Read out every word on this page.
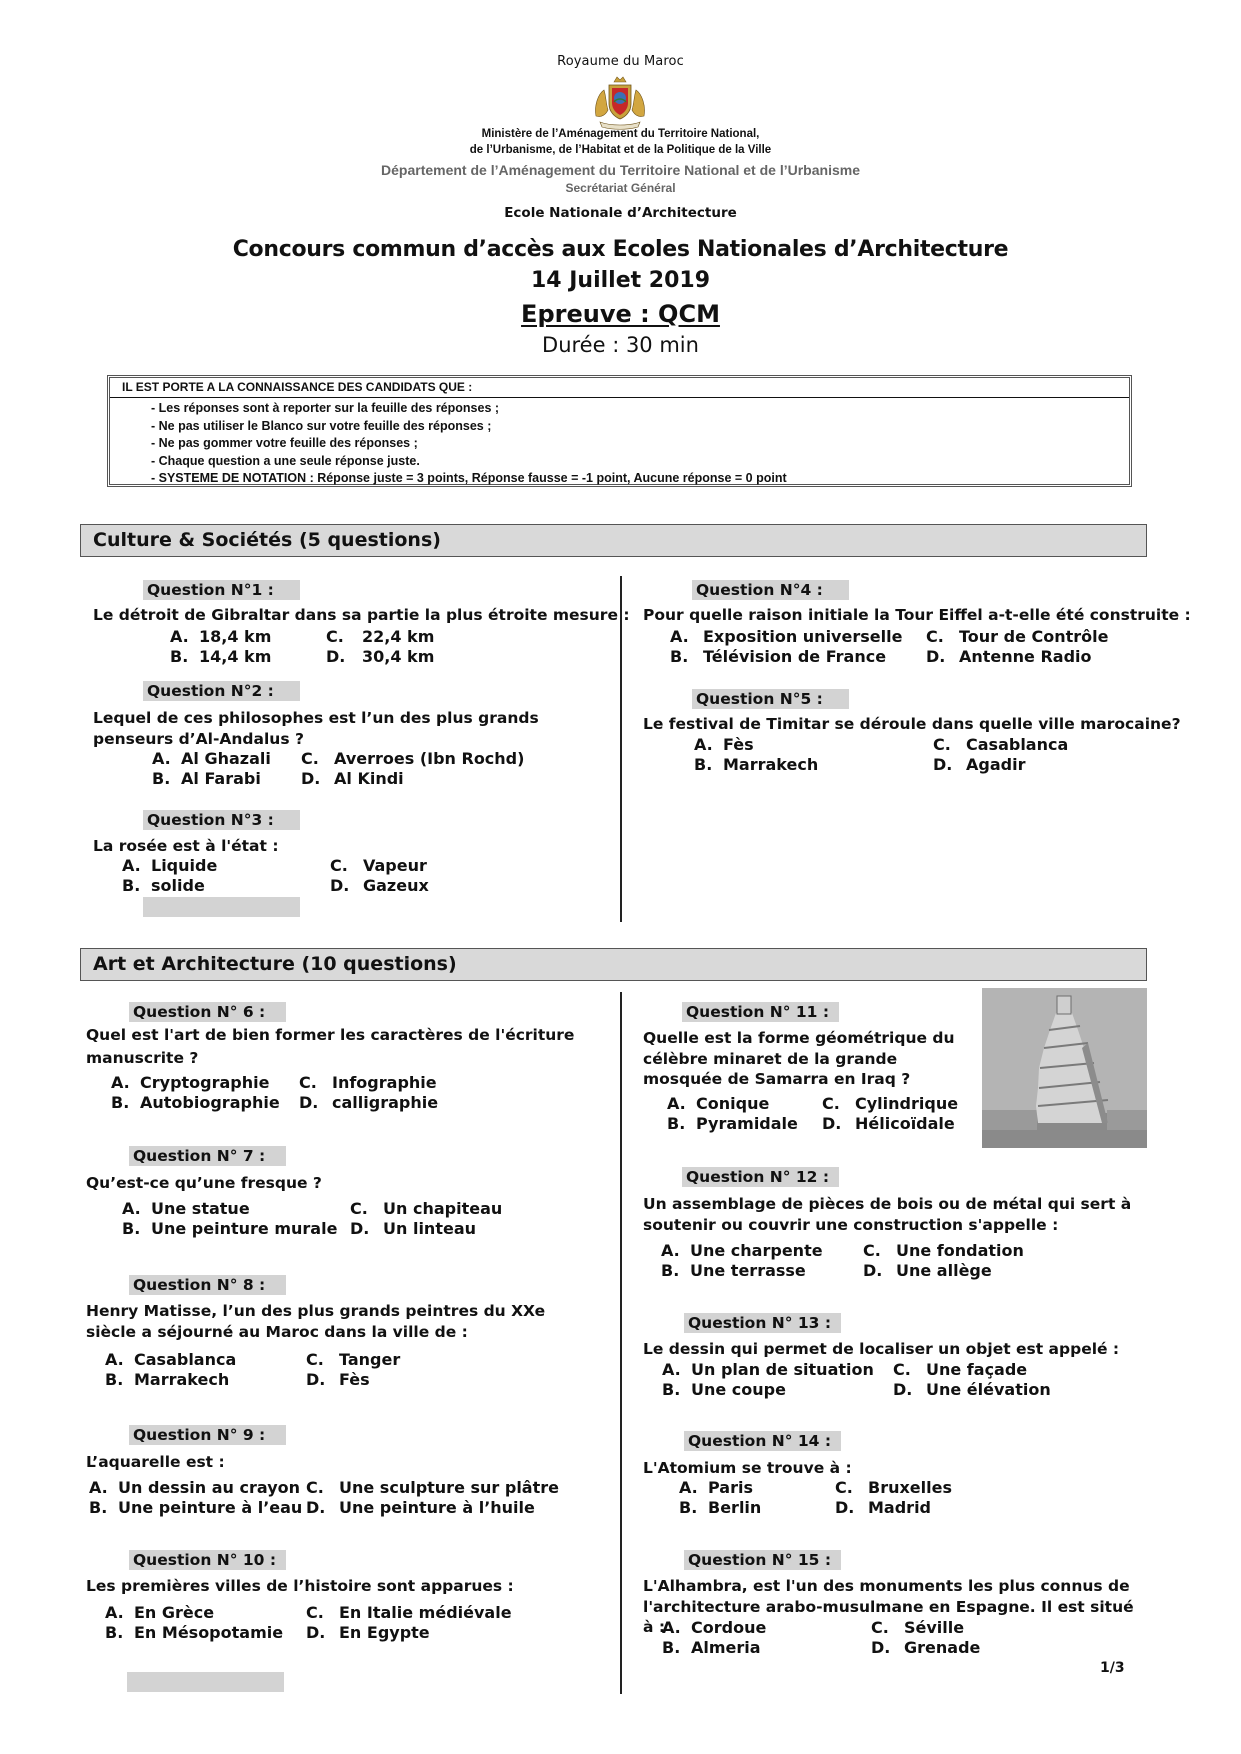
Royaume du Maroc
Ministère de l’Aménagement du Territoire National,
de l’Urbanisme, de l’Habitat et de la Politique de la Ville
Département de l’Aménagement du Territoire National et de l’Urbanisme
Secrétariat Général
Ecole Nationale d’Architecture
Concours commun d’accès aux Ecoles Nationales d’Architecture
14 Juillet 2019
Epreuve : QCM
Durée : 30 min
IL EST PORTE A LA CONNAISSANCE DES CANDIDATS QUE :
- Les réponses sont à reporter sur la feuille des réponses ;
- Ne pas utiliser le Blanco sur votre feuille des réponses ;
- Ne pas gommer votre feuille des réponses ;
- Chaque question a une seule réponse juste.
- SYSTEME DE NOTATION : Réponse juste = 3 points, Réponse fausse = -1 point, Aucune réponse = 0 point
Culture & Sociétés (5 questions)
Question N°1 :
Le détroit de Gibraltar dans sa partie la plus étroite mesure :
A. 18,4 km
B. 14,4 km
C. 22,4 km
D. 30,4 km
Question N°2 :
Lequel de ces philosophes est l’un des plus grands penseurs d’Al-Andalus ?
A. Al Ghazali
B. Al Farabi
C. Averroes (Ibn Rochd)
D. Al Kindi
Question N°3 :
La rosée est à l'état :
A. Liquide
B. solide
C. Vapeur
D. Gazeux
Question N°4 :
Pour quelle raison initiale la Tour Eiffel a-t-elle été construite :
A. Exposition universelle
B. Télévision de France
C. Tour de Contrôle
D. Antenne Radio
Question N°5 :
Le festival de Timitar se déroule dans quelle ville marocaine?
A. Fès
B. Marrakech
C. Casablanca
D. Agadir
Art et Architecture (10 questions)
Question N° 6 :
Quel est l'art de bien former les caractères de l'écriture manuscrite ?
A. Cryptographie
B. Autobiographie
C. Infographie
D. calligraphie
Question N° 7 :
Qu’est-ce qu’une fresque ?
A. Une statue
B. Une peinture murale
C. Un chapiteau
D. Un linteau
Question N° 8 :
Henry Matisse, l’un des plus grands peintres du XXe siècle a séjourné au Maroc dans la ville de :
A. Casablanca
B. Marrakech
C. Tanger
D. Fès
Question N° 9 :
L’aquarelle est :
A. Un dessin au crayon
B. Une peinture à l’eau
C. Une sculpture sur plâtre
D. Une peinture à l’huile
Question N° 10 :
Les premières villes de l’histoire sont apparues :
A. En Grèce
B. En Mésopotamie
C. En Italie médiévale
D. En Egypte
Question N° 11 :
Quelle est la forme géométrique du célèbre minaret de la grande mosquée de Samarra en Iraq ?
A. Conique
B. Pyramidale
C. Cylindrique
D. Hélicoïdale
Question N° 12 :
Un assemblage de pièces de bois ou de métal qui sert à soutenir ou couvrir une construction s'appelle :
A. Une charpente
B. Une terrasse
C. Une fondation
D. Une allège
Question N° 13 :
Le dessin qui permet de localiser un objet est appelé :
A. Un plan de situation
B. Une coupe
C. Une façade
D. Une élévation
Question N° 14 :
L'Atomium se trouve à :
A. Paris
B. Berlin
C. Bruxelles
D. Madrid
Question N° 15 :
L'Alhambra, est l'un des monuments les plus connus de l'architecture arabo-musulmane en Espagne. Il est situé à :
A. Cordoue
B. Almeria
C. Séville
D. Grenade
1/3
